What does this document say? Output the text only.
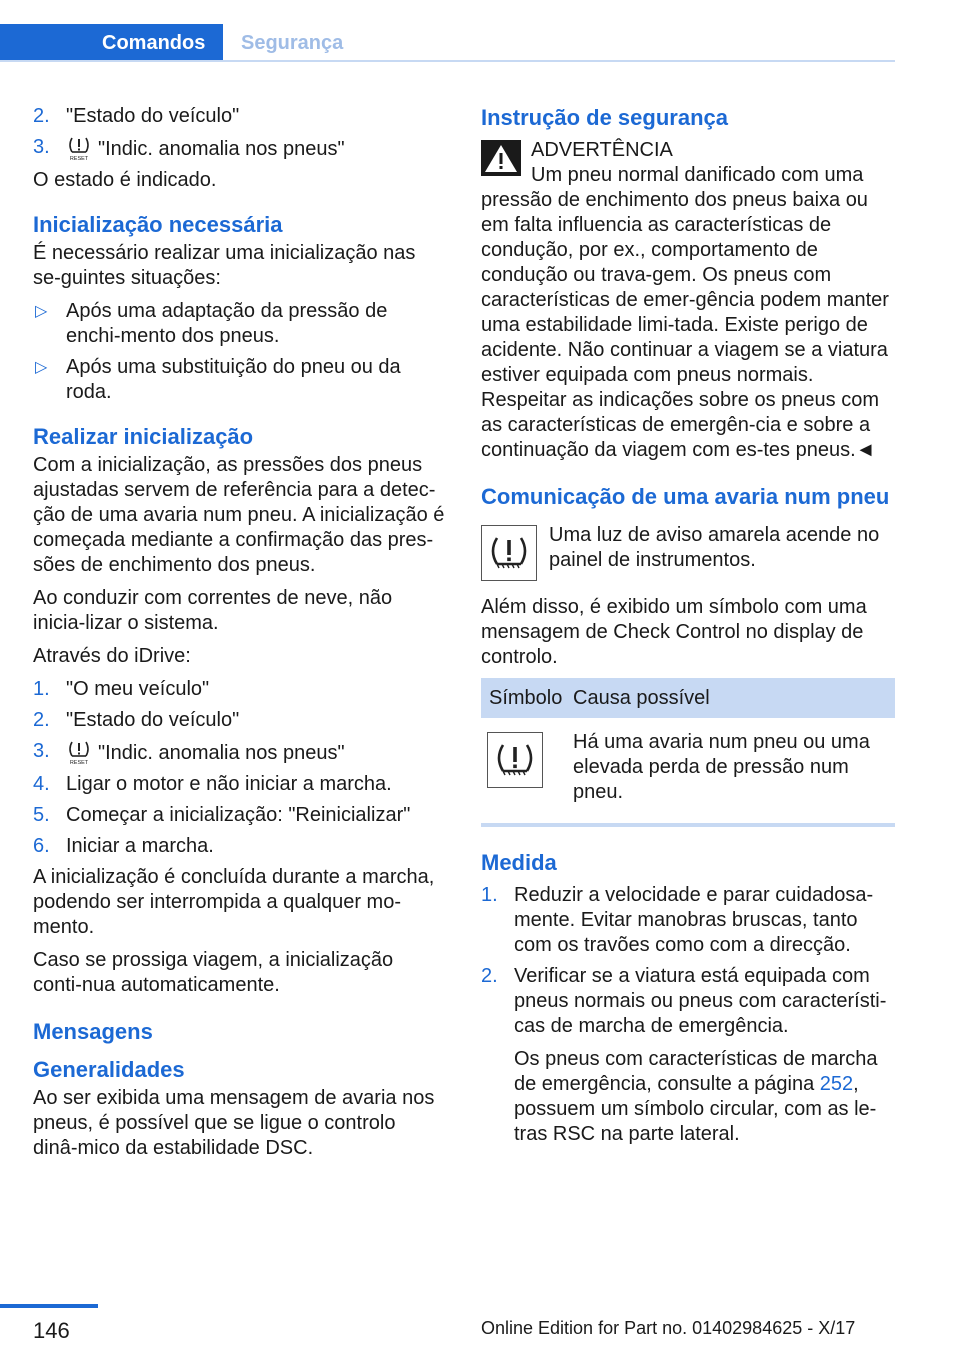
Comandos	Segurança
2. "Estado do veículo"
3.
RESET "Indic. anomalia nos pneus"

O estado é indicado.

Inicialização necessária

É necessário realizar uma inicialização nas se-guintes situações:

▷ Após uma adaptação da pressão de enchi-mento dos pneus.
▷ Após uma substituição do pneu ou da roda.
Realizar inicialização

Com a inicialização, as pressões dos pneus ajustadas servem de referência para a detec-ção de uma avaria num pneu. A inicialização é começada mediante a confirmação das pres-sões de enchimento dos pneus.

Ao conduzir com correntes de neve, não inicia-lizar o sistema.

Através do iDrive:

1. "O meu veículo"
2. "Estado do veículo"
3.
RESET "Indic. anomalia nos pneus"
4. Ligar o motor e não iniciar a marcha.
5. Começar a inicialização: "Reinicializar"
6. Iniciar a marcha.

A inicialização é concluída durante a marcha, podendo ser interrompida a qualquer mo-mento.

Caso se prossiga viagem, a inicialização conti-nua automaticamente.

Mensagens
Generalidades

Ao ser exibida uma mensagem de avaria nos pneus, é possível que se ligue o controlo dinâ-mico da estabilidade DSC.

Instrução de segurança
ADVERTÊNCIA

Um pneu normal danificado com uma pressão de enchimento dos pneus baixa ou em falta influencia as características de condução, por ex., comportamento de condução ou trava-gem. Os pneus com características de emer-gência podem manter uma estabilidade limi-tada. Existe perigo de acidente. Não continuar a viagem se a viatura estiver equipada com pneus normais. Respeitar as indicações sobre os pneus com as características de emergên-cia e sobre a continuação da viagem com es-tes pneus.◄

Comunicação de uma avaria num pneu

Uma luz de aviso amarela acende no painel de instrumentos.

Além disso, é exibido um símbolo com uma mensagem de Check Control no display de controlo.

Símbolo	Causa possível

	Há uma avaria num pneu ou uma elevada perda de pressão num pneu.
Medida
1. Reduzir a velocidade e parar cuidadosa-mente. Evitar manobras bruscas, tanto com os travões como com a direcção.
2. Verificar se a viatura está equipada com pneus normais ou pneus com característi-cas de marcha de emergência.

Os pneus com características de marcha de emergência, consulte a página 252, possuem um símbolo circular, com as le-tras RSC na parte lateral.

146	Online Edition for Part no. 01402984625 - X/17
